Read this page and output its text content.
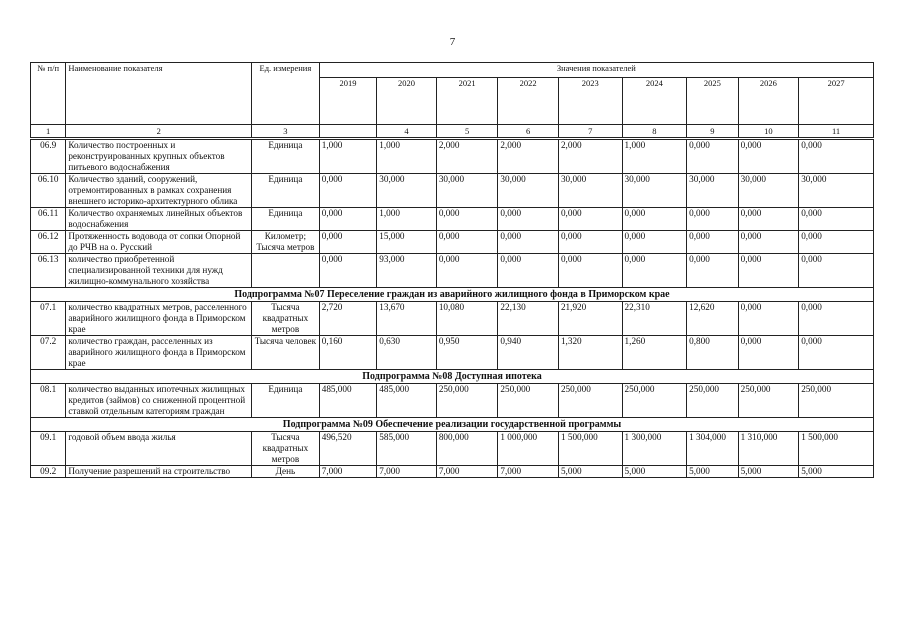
7
№ п/п	Наименование показателя	Ед. измерения	Значения показателей								
			2019	2020	2021	2022	2023	2024	2025	2026	2027
1	2	3		4	5	6	7	8	9	10	11
06.9	Количество построенных и реконструированных крупных объектов питьевого водоснабжения	Единица	1,000	1,000	2,000	2,000	2,000	1,000	0,000	0,000	0,000
06.10	Количество зданий, сооружений, отремонтированных в рамках сохранения внешнего историко-архитектурного облика	Единица	0,000	30,000	30,000	30,000	30,000	30,000	30,000	30,000	30,000
06.11	Количество охраняемых линейных объектов водоснабжения	Единица	0,000	1,000	0,000	0,000	0,000	0,000	0,000	0,000	0,000
06.12	Протяженность водовода от сопки Опорной до РЧВ на о. Русский	Километр; Тысяча метров	0,000	15,000	0,000	0,000	0,000	0,000	0,000	0,000	0,000
06.13	количество приобретенной специализированной техники для нужд жилищно-коммунального хозяйства		0,000	93,000	0,000	0,000	0,000	0,000	0,000	0,000	0,000
Подпрограмма №07 Переселение граждан из аварийного жилищного фонда в Приморском крае											
07.1	количество квадратных метров, расселенного аварийного жилищного фонда в Приморском крае	Тысяча квадратных метров	2,720	13,670	10,080	22,130	21,920	22,310	12,620	0,000	0,000
07.2	количество граждан, расселенных из аварийного жилищного фонда в Приморском крае	Тысяча человек	0,160	0,630	0,950	0,940	1,320	1,260	0,800	0,000	0,000
Подпрограмма №08 Доступная ипотека											
08.1	количество выданных ипотечных жилищных кредитов (займов) со сниженной процентной ставкой отдельным категориям граждан	Единица	485,000	485,000	250,000	250,000	250,000	250,000	250,000	250,000	250,000
Подпрограмма №09 Обеспечение реализации государственной программы											
09.1	годовой объем ввода жилья	Тысяча квадратных метров	496,520	585,000	800,000	1 000,000	1 500,000	1 300,000	1 304,000	1 310,000	1 500,000
09.2	Получение разрешений на строительство	День	7,000	7,000	7,000	7,000	5,000	5,000	5,000	5,000	5,000
